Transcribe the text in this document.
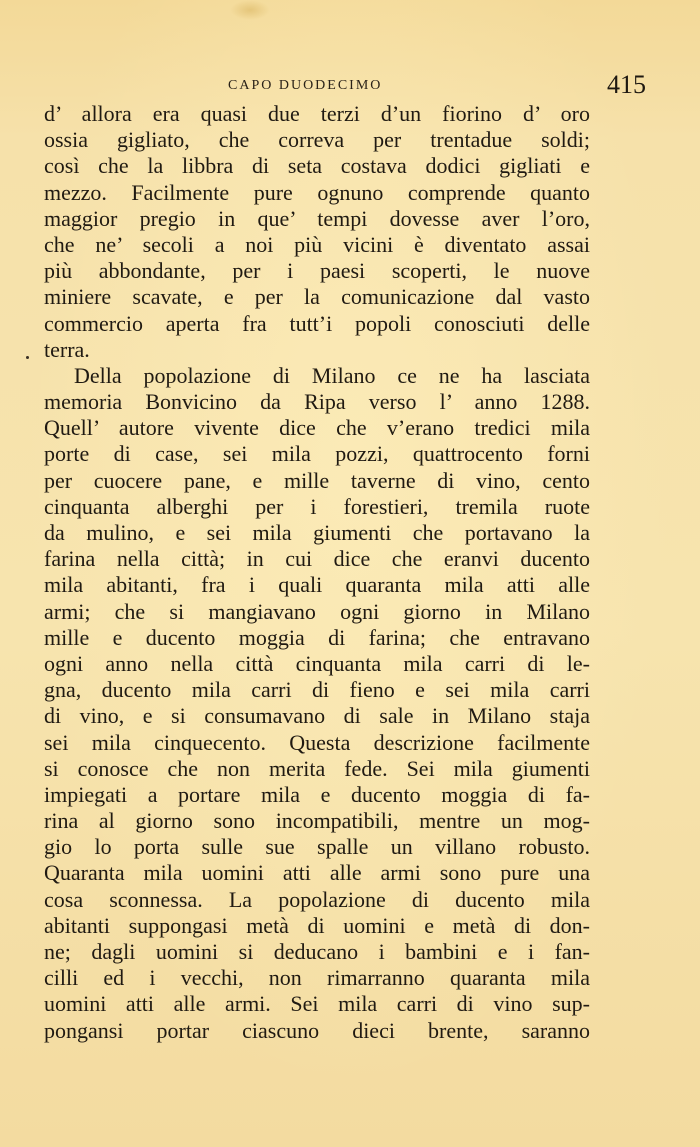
CAPO DUODECIMO	415
d’ allora era quasi due terzi d’un fiorino d’ oro
ossia gigliato, che correva per trentadue soldi;
così che la libbra di seta costava dodici gigliati e
mezzo. Facilmente pure ognuno comprende quanto
maggior pregio in que’ tempi dovesse aver l’oro,
che ne’ secoli a noi più vicini è diventato assai
più abbondante, per i paesi scoperti, le nuove
miniere scavate, e per la comunicazione dal vasto
commercio aperta fra tutt’i popoli conosciuti delle
terra.
Della popolazione di Milano ce ne ha lasciata
memoria Bonvicino da Ripa verso l’ anno 1288.
Quell’ autore vivente dice che v’erano tredici mila
porte di case, sei mila pozzi, quattrocento forni
per cuocere pane, e mille taverne di vino, cento
cinquanta alberghi per i forestieri, tremila ruote
da mulino, e sei mila giumenti che portavano la
farina nella città; in cui dice che eranvi ducento
mila abitanti, fra i quali quaranta mila atti alle
armi; che si mangiavano ogni giorno in Milano
mille e ducento moggia di farina; che entravano
ogni anno nella città cinquanta mila carri di le-
gna, ducento mila carri di fieno e sei mila carri
di vino, e si consumavano di sale in Milano staja
sei mila cinquecento. Questa descrizione facilmente
si conosce che non merita fede. Sei mila giumenti
impiegati a portare mila e ducento moggia di fa-
rina al giorno sono incompatibili, mentre un mog-
gio lo porta sulle sue spalle un villano robusto.
Quaranta mila uomini atti alle armi sono pure una
cosa sconnessa. La popolazione di ducento mila
abitanti suppongasi metà di uomini e metà di don-
ne; dagli uomini si deducano i bambini e i fan-
cilli ed i vecchi, non rimarranno quaranta mila
uomini atti alle armi. Sei mila carri di vino sup-
pongansi portar ciascuno dieci brente, saranno
